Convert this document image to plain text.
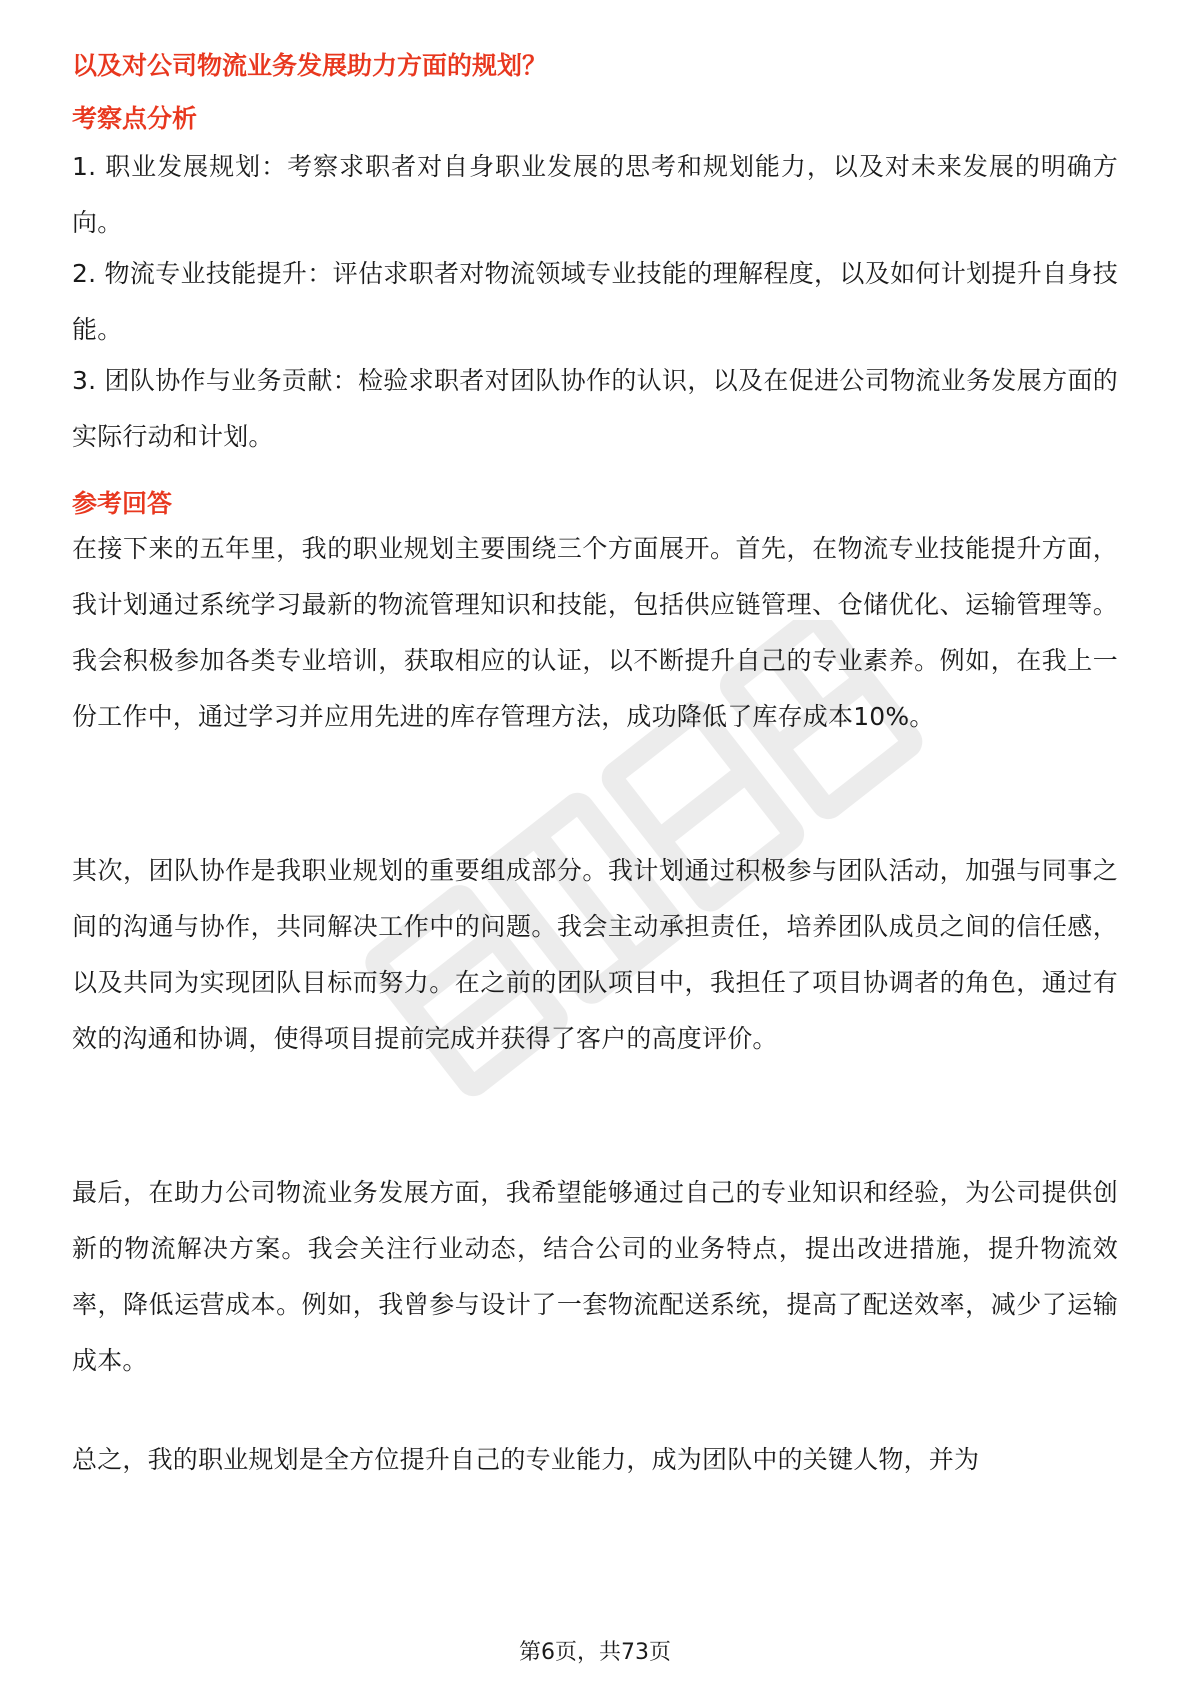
以及对公司物流业务发展助力方面的规划？

考察点分析

1. 职业发展规划：考察求职者对自身职业发展的思考和规划能力，以及对未来发展的明确方向。

2. 物流专业技能提升：评估求职者对物流领域专业技能的理解程度，以及如何计划提升自身技能。

3. 团队协作与业务贡献：检验求职者对团队协作的认识，以及在促进公司物流业务发展方面的实际行动和计划。

参考回答

在接下来的五年里，我的职业规划主要围绕三个方面展开。首先，在物流专业技能提升方面，我计划通过系统学习最新的物流管理知识和技能，包括供应链管理、仓储优化、运输管理等。我会积极参加各类专业培训，获取相应的认证，以不断提升自己的专业素养。例如，在我上一份工作中，通过学习并应用先进的库存管理方法，成功降低了库存成本10%。

其次，团队协作是我职业规划的重要组成部分。我计划通过积极参与团队活动，加强与同事之间的沟通与协作，共同解决工作中的问题。我会主动承担责任，培养团队成员之间的信任感，以及共同为实现团队目标而努力。在之前的团队项目中，我担任了项目协调者的角色，通过有效的沟通和协调，使得项目提前完成并获得了客户的高度评价。

最后，在助力公司物流业务发展方面，我希望能够通过自己的专业知识和经验，为公司提供创新的物流解决方案。我会关注行业动态，结合公司的业务特点，提出改进措施，提升物流效率，降低运营成本。例如，我曾参与设计了一套物流配送系统，提高了配送效率，减少了运输成本。

总之，我的职业规划是全方位提升自己的专业能力，成为团队中的关键人物，并为

第6页，共73页
